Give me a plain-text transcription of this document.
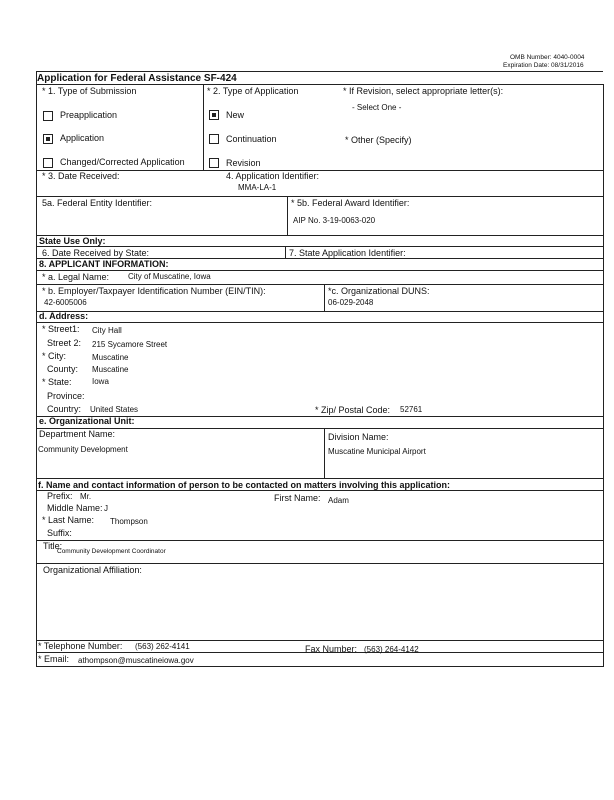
OMB Number: 4040-0004
Expiration Date: 08/31/2016
Application for Federal Assistance SF-424
* 1. Type of Submission
Preapplication
Application
Changed/Corrected Application
* 2. Type of Application
New
Continuation
Revision
* If Revision, select appropriate letter(s):
- Select One -
* Other (Specify)
* 3. Date Received:	4. Application Identifier:
MMA-LA-1
5a. Federal Entity Identifier:	* 5b. Federal Award Identifier:
AIP No. 3-19-0063-020
State Use Only:
6. Date Received by State:	7. State Application Identifier:
8. APPLICANT INFORMATION:
* a. Legal Name: City of Muscatine, Iowa
* b. Employer/Taxpayer Identification Number (EIN/TIN):
42-6005006
*c. Organizational DUNS:
06-029-2048
d. Address:
* Street1: City Hall
Street 2: 215 Sycamore Street
* City:	Muscatine
County: Muscatine
* State:	Iowa
Province:
Country: United States	* Zip/ Postal Code: 52761
e. Organizational Unit:
Department Name:
Community Development
Division Name:
Muscatine Municipal Airport
f. Name and contact information of person to be contacted on matters involving this application:
Prefix: Mr.	First Name: Adam
Middle Name: J
* Last Name: Thompson
Suffix:
Title:
Community Development Coordinator
Organizational Affiliation:
* Telephone Number: (563) 262-4141	Fax Number: (563) 264-4142
* Email: athompson@muscatineiowa.gov
